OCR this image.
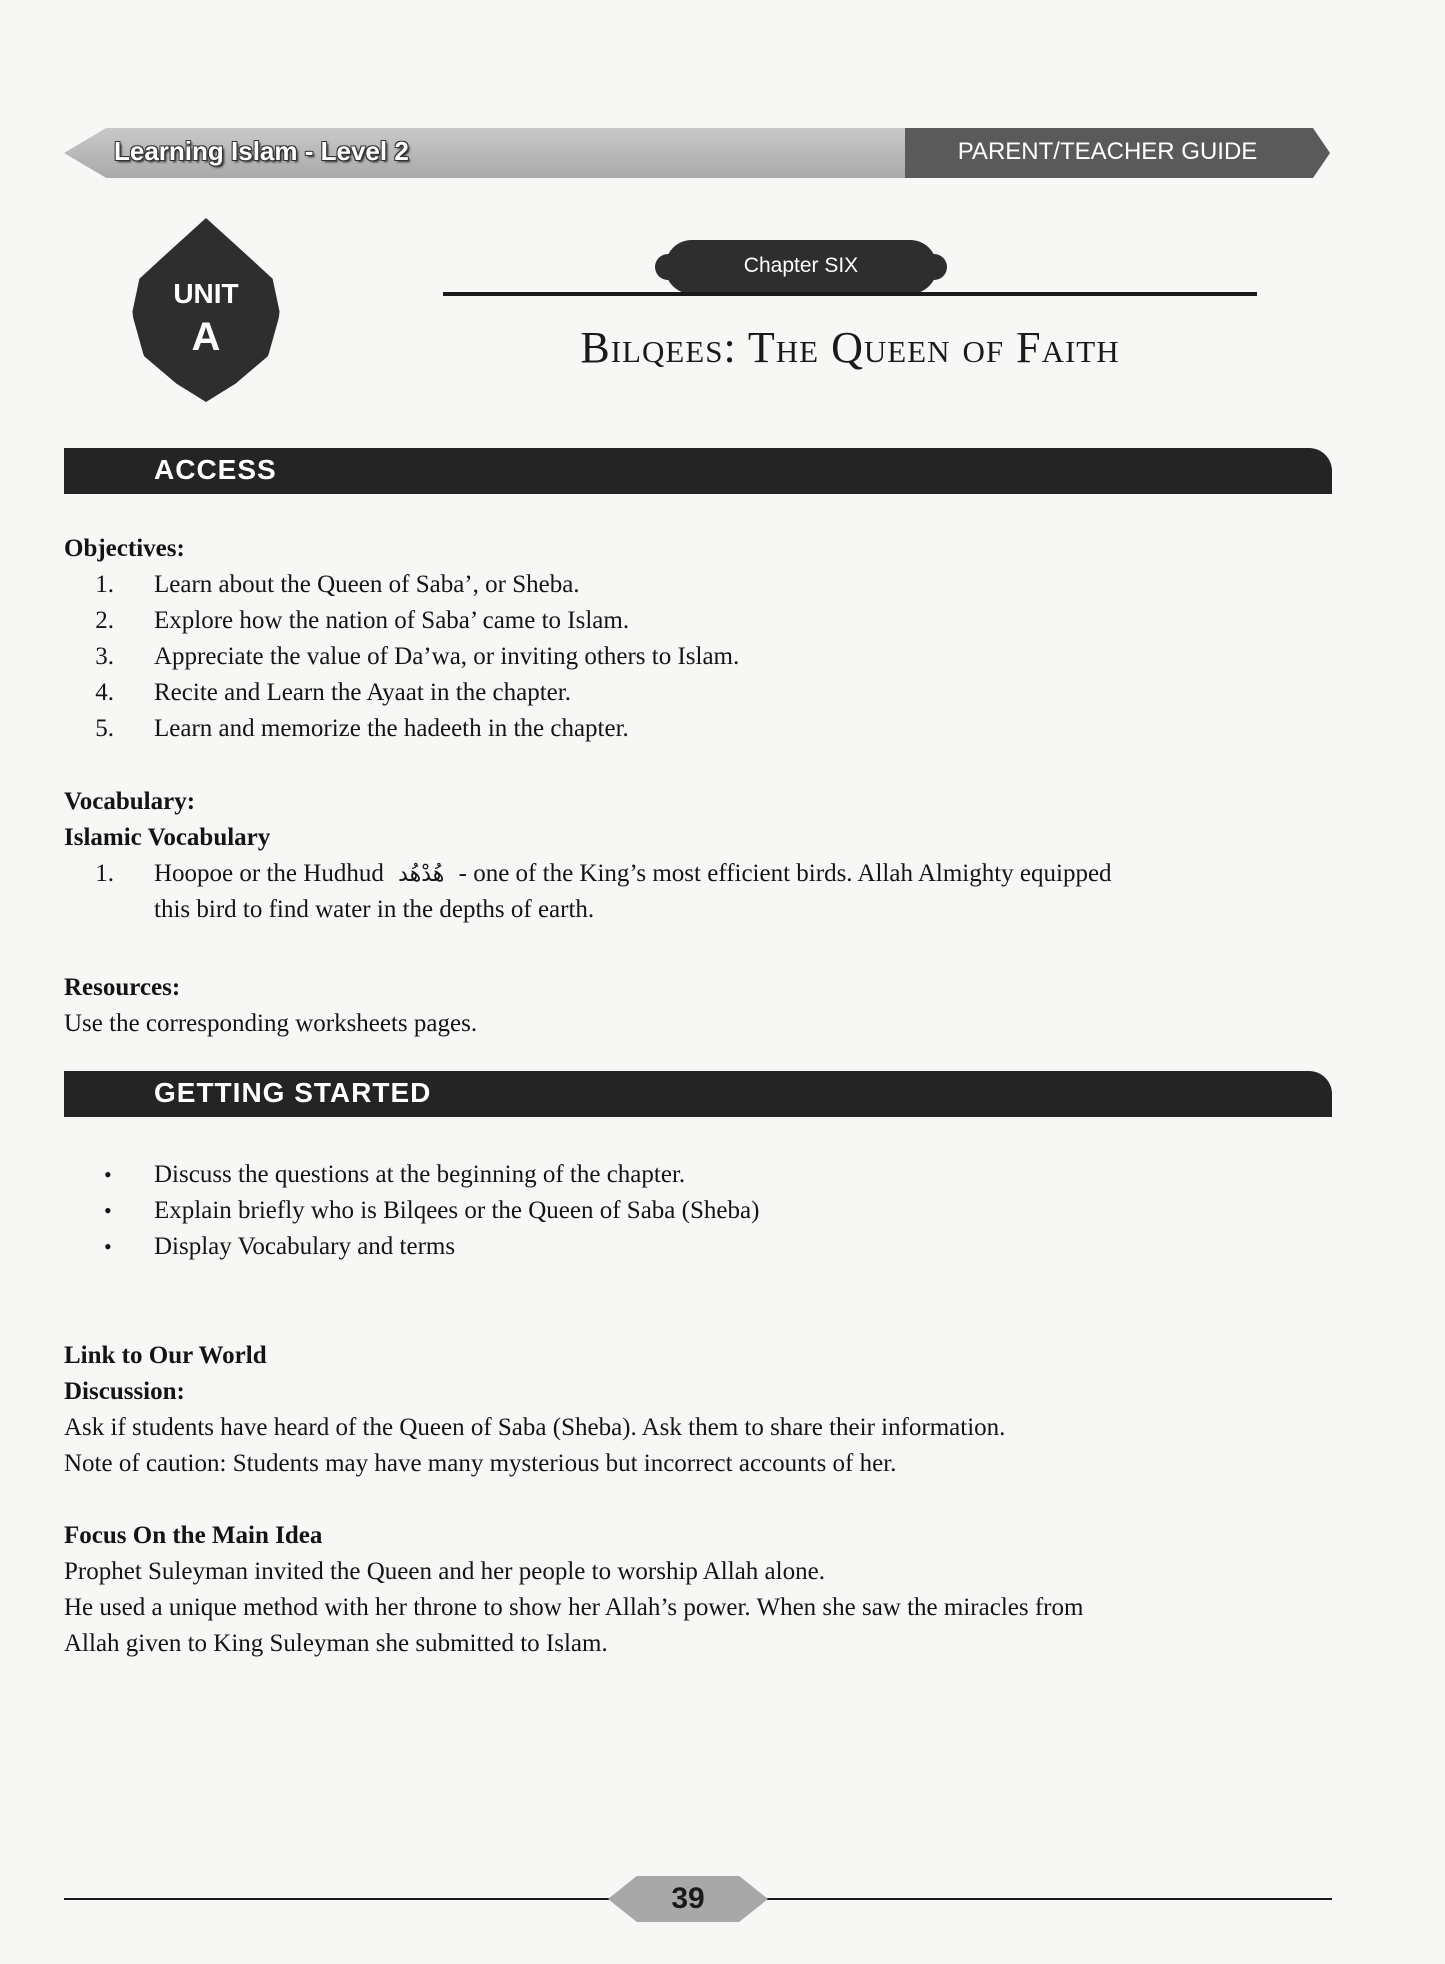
Learning Islam - Level 2	PARENT/TEACHER GUIDE
UNIT
A
Chapter SIX
Bilqees: The Queen of Faith
ACCESS
Objectives:
1. Learn about the Queen of Saba’, or Sheba.
2. Explore how the nation of Saba’ came to Islam.
3. Appreciate the value of Da’wa, or inviting others to Islam.
4. Recite and Learn the Ayaat in the chapter.
5. Learn and memorize the hadeeth in the chapter.
Vocabulary:
Islamic Vocabulary
1. Hoopoe or the Hudhud هُدْهُد - one of the King’s most efficient birds. Allah Almighty equipped
this bird to find water in the depths of earth.
Resources:
Use the corresponding worksheets pages.
GETTING STARTED
• Discuss the questions at the beginning of the chapter.
• Explain briefly who is Bilqees or the Queen of Saba (Sheba)
• Display Vocabulary and terms
Link to Our World
Discussion:
Ask if students have heard of the Queen of Saba (Sheba). Ask them to share their information.
Note of caution: Students may have many mysterious but incorrect accounts of her.
Focus On the Main Idea
Prophet Suleyman invited the Queen and her people to worship Allah alone.
He used a unique method with her throne to show her Allah’s power. When she saw the miracles from
Allah given to King Suleyman she submitted to Islam.
39
